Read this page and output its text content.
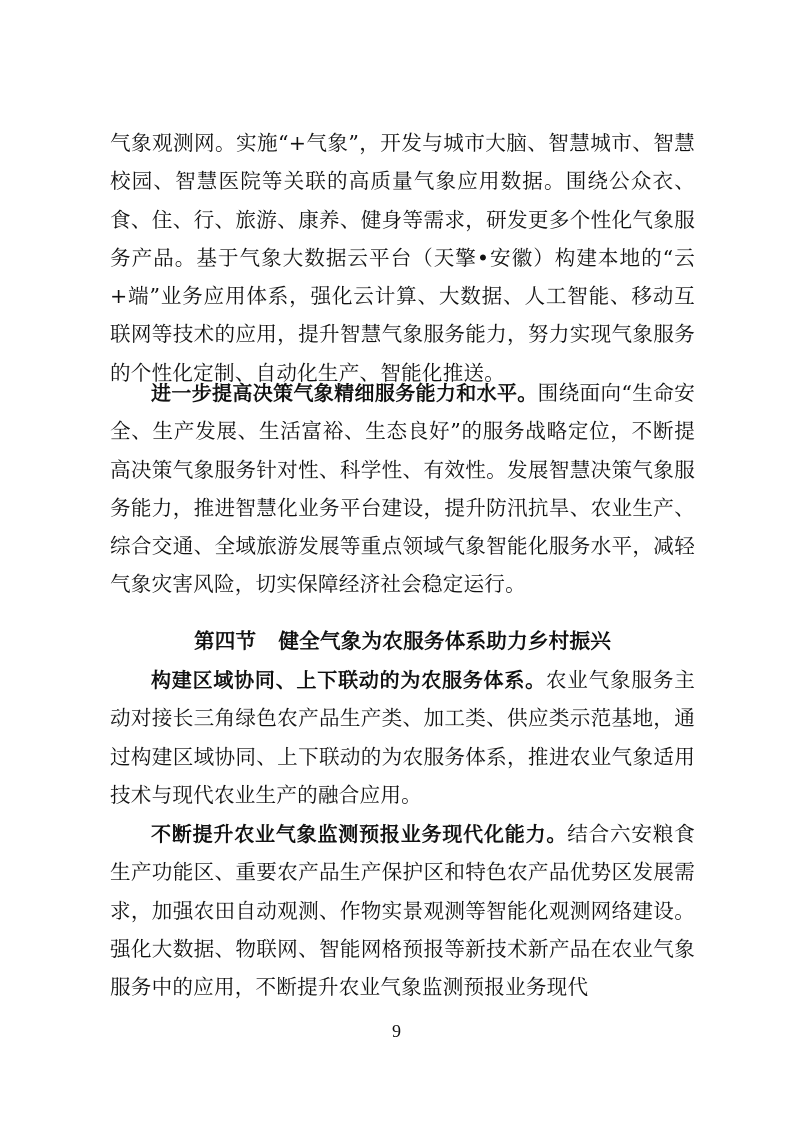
气象观测网。实施“+气象”，开发与城市大脑、智慧城市、智慧校园、智慧医院等关联的高质量气象应用数据。围绕公众衣、食、住、行、旅游、康养、健身等需求，研发更多个性化气象服务产品。基于气象大数据云平台（天擎•安徽）构建本地的“云+端”业务应用体系，强化云计算、大数据、人工智能、移动互联网等技术的应用，提升智慧气象服务能力，努力实现气象服务的个性化定制、自动化生产、智能化推送。

进一步提高决策气象精细服务能力和水平。围绕面向“生命安全、生产发展、生活富裕、生态良好”的服务战略定位，不断提高决策气象服务针对性、科学性、有效性。发展智慧决策气象服务能力，推进智慧化业务平台建设，提升防汛抗旱、农业生产、综合交通、全域旅游发展等重点领域气象智能化服务水平，减轻气象灾害风险，切实保障经济社会稳定运行。

第四节 健全气象为农服务体系助力乡村振兴

构建区域协同、上下联动的为农服务体系。农业气象服务主动对接长三角绿色农产品生产类、加工类、供应类示范基地，通过构建区域协同、上下联动的为农服务体系，推进农业气象适用技术与现代农业生产的融合应用。

不断提升农业气象监测预报业务现代化能力。结合六安粮食生产功能区、重要农产品生产保护区和特色农产品优势区发展需求，加强农田自动观测、作物实景观测等智能化观测网络建设。强化大数据、物联网、智能网格预报等新技术新产品在农业气象服务中的应用，不断提升农业气象监测预报业务现代

9
